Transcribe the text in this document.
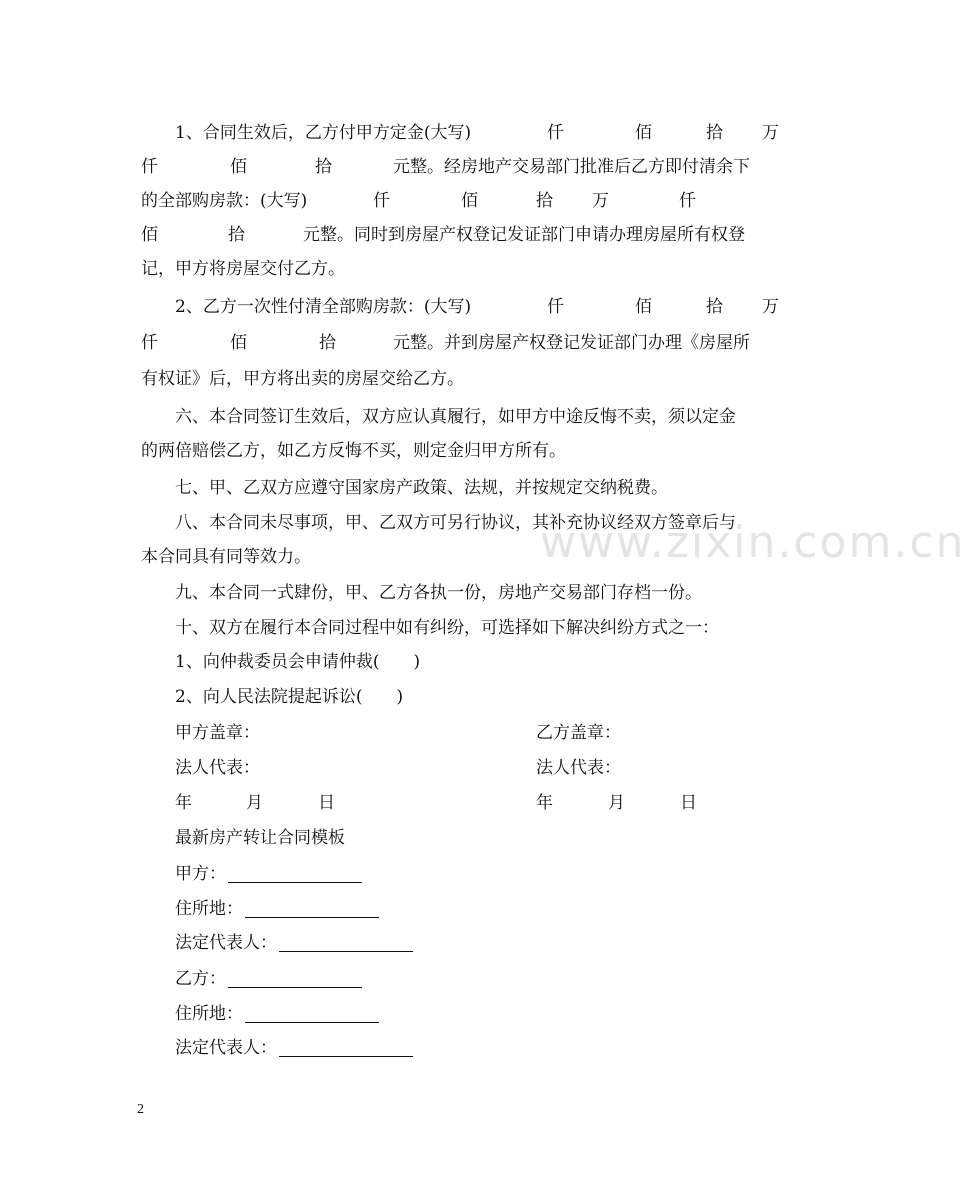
1、合同生效后，乙方付甲方定金(大写)	仟	佰	拾 万
仟	佰	拾	元整。经房地产交易部门批准后乙方即付清余下
的全部购房款：(大写)	仟	佰	拾 万	仟
佰	拾	元整。同时到房屋产权登记发证部门申请办理房屋所有权登
记，甲方将房屋交付乙方。
2、乙方一次性付清全部购房款：(大写)	仟	佰	拾 万
仟	佰	拾	元整。并到房屋产权登记发证部门办理《房屋所
有权证》后，甲方将出卖的房屋交给乙方。
六、本合同签订生效后，双方应认真履行，如甲方中途反悔不卖，须以定金
的两倍赔偿乙方，如乙方反悔不买，则定金归甲方所有。
七、甲、乙双方应遵守国家房产政策、法规，并按规定交纳税费。
八、本合同未尽事项，甲、乙双方可另行协议，其补充协议经双方签章后与
本合同具有同等效力。	www.zixin.com.cn
九、本合同一式肆份，甲、乙方各执一份，房地产交易部门存档一份。
十、双方在履行本合同过程中如有纠纷，可选择如下解决纠纷方式之一：
1、向仲裁委员会申请仲裁(　　)
2、向人民法院提起诉讼(　　)
甲方盖章：	乙方盖章：
法人代表：	法人代表：
年	月	日	年	月	日
最新房产转让合同模板
甲方：
住所地：
法定代表人：
乙方：
住所地：
法定代表人：
2
